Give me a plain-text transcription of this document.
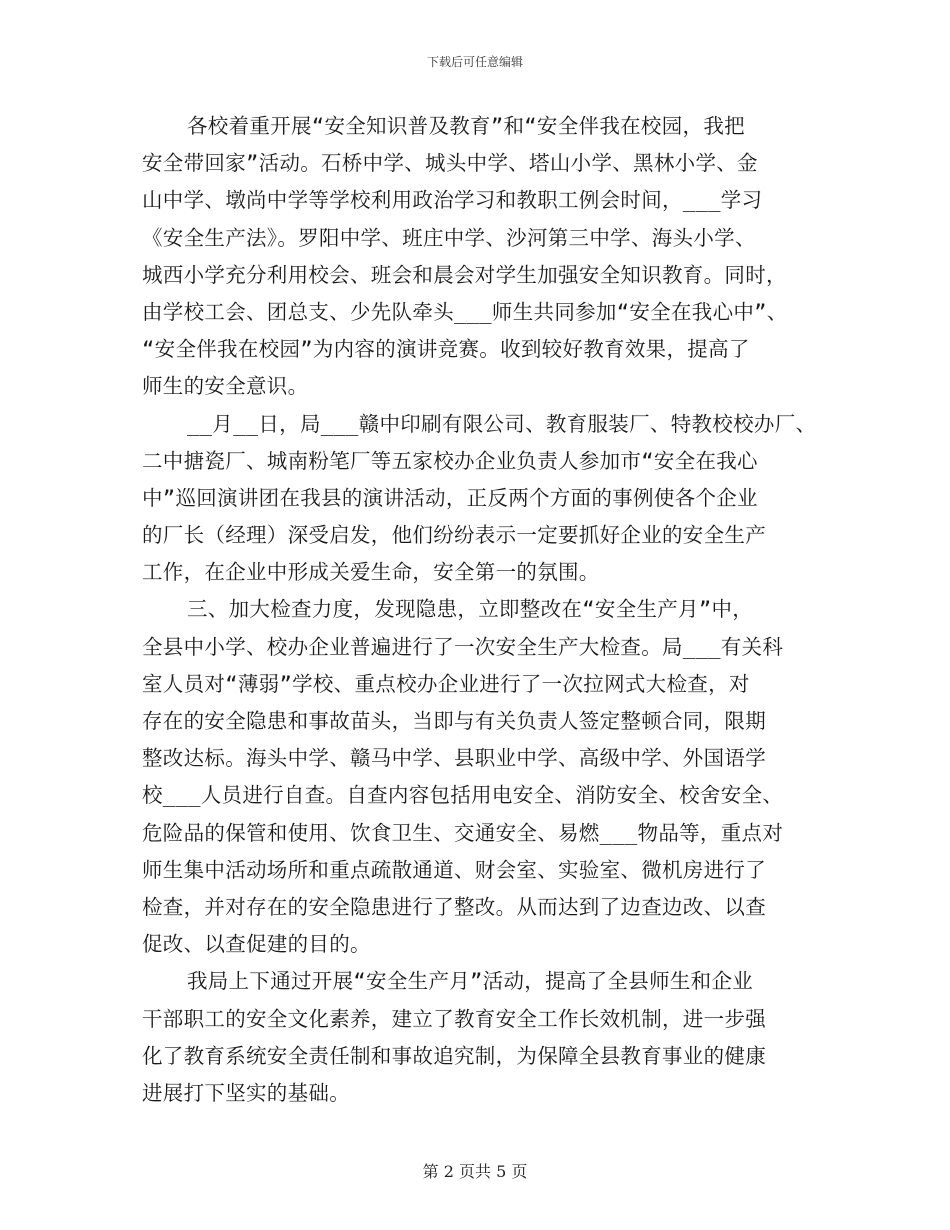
下载后可任意编辑
各校着重开展“安全知识普及教育”和“安全伴我在校园，我把
安全带回家”活动。石桥中学、城头中学、塔山小学、黑林小学、金
山中学、墩尚中学等学校利用政治学习和教职工例会时间，___学习
《安全生产法》。罗阳中学、班庄中学、沙河第三中学、海头小学、
城西小学充分利用校会、班会和晨会对学生加强安全知识教育。同时，
由学校工会、团总支、少先队牵头___师生共同参加“安全在我心中”、
“安全伴我在校园”为内容的演讲竞赛。收到较好教育效果，提高了
师生的安全意识。
__月__日，局___赣中印刷有限公司、教育服装厂、特教校校办厂、
二中搪瓷厂、城南粉笔厂等五家校办企业负责人参加市“安全在我心
中”巡回演讲团在我县的演讲活动，正反两个方面的事例使各个企业
的厂长（经理）深受启发，他们纷纷表示一定要抓好企业的安全生产
工作，在企业中形成关爱生命，安全第一的氛围。
三、加大检查力度，发现隐患，立即整改在“安全生产月”中，
全县中小学、校办企业普遍进行了一次安全生产大检查。局___有关科
室人员对“薄弱”学校、重点校办企业进行了一次拉网式大检查，对
存在的安全隐患和事故苗头，当即与有关负责人签定整顿合同，限期
整改达标。海头中学、赣马中学、县职业中学、高级中学、外国语学
校___人员进行自查。自查内容包括用电安全、消防安全、校舍安全、
危险品的保管和使用、饮食卫生、交通安全、易燃___物品等，重点对
师生集中活动场所和重点疏散通道、财会室、实验室、微机房进行了
检查，并对存在的安全隐患进行了整改。从而达到了边查边改、以查
促改、以查促建的目的。
我局上下通过开展“安全生产月”活动，提高了全县师生和企业
干部职工的安全文化素养，建立了教育安全工作长效机制，进一步强
化了教育系统安全责任制和事故追究制，为保障全县教育事业的健康
进展打下坚实的基础。
第 2 页共 5 页
